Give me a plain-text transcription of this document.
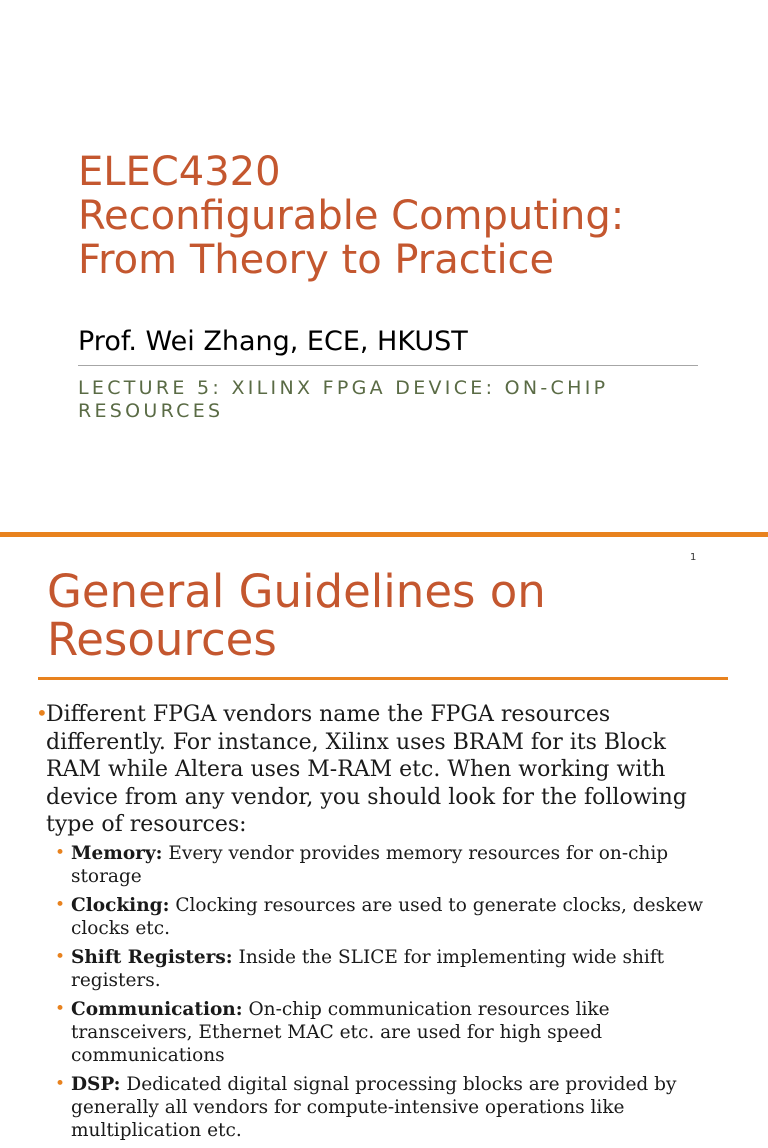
ELEC4320
Reconfigurable Computing:
From Theory to Practice
Prof. Wei Zhang, ECE, HKUST
LECTURE 5: XILINX FPGA DEVICE: ON-CHIP RESOURCES
1
General Guidelines on Resources
•
Different FPGA vendors name the FPGA resources differently. For instance, Xilinx uses BRAM for its Block RAM while Altera uses M-RAM etc. When working with device from any vendor, you should look for the following type of resources:
• Memory: Every vendor provides memory resources for on-chip storage
• Clocking: Clocking resources are used to generate clocks, deskew clocks etc.
• Shift Registers: Inside the SLICE for implementing wide shift registers.
• Communication: On-chip communication resources like transceivers, Ethernet MAC etc. are used for high speed communications
• DSP: Dedicated digital signal processing blocks are provided by generally all vendors for compute-intensive operations like multiplication etc.
